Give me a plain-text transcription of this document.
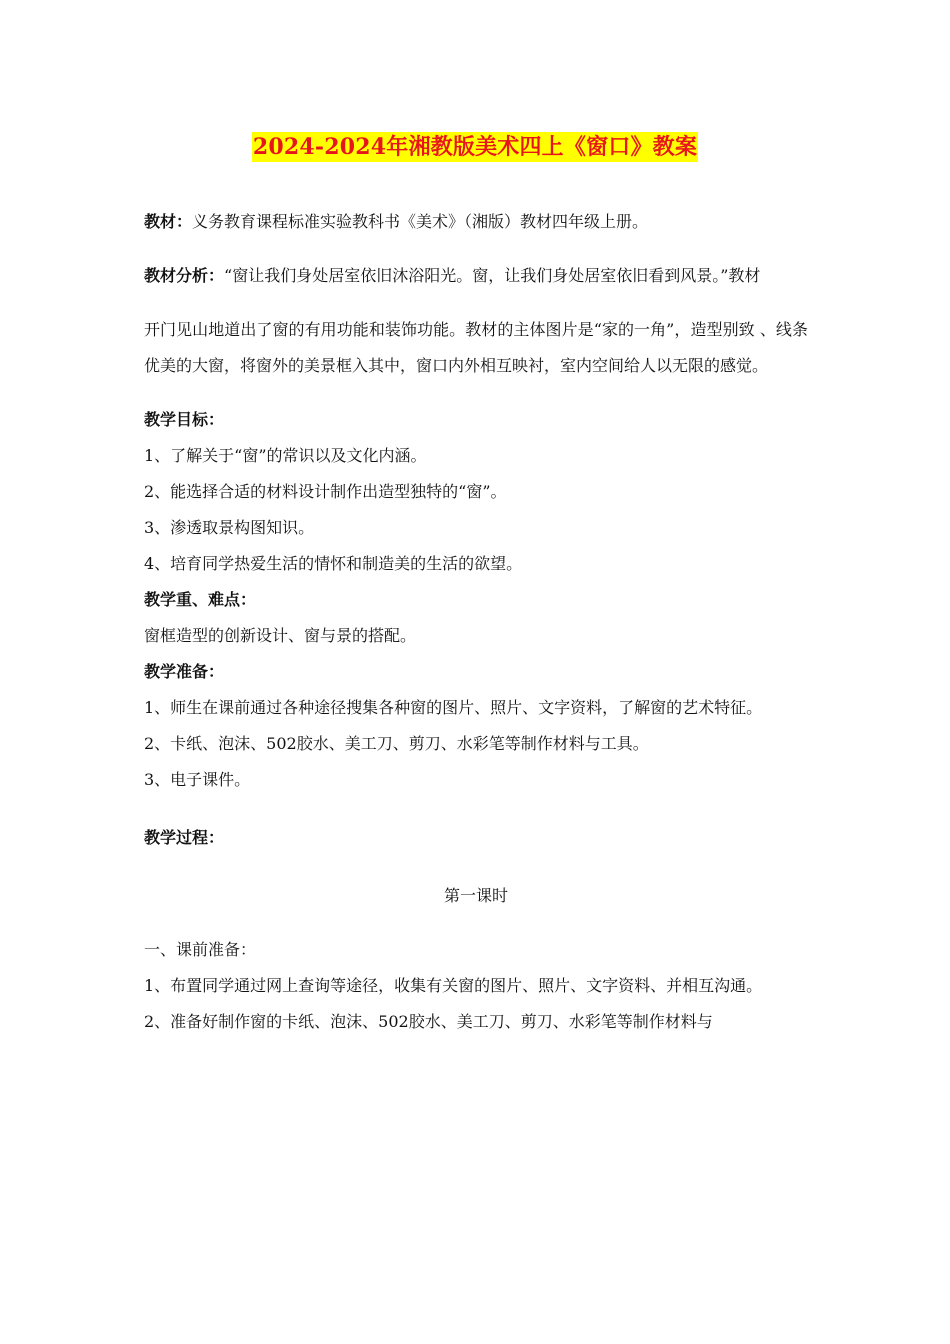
2024-2024年湘教版美术四上《窗口》教案

教材：义务教育课程标准实验教科书《美术》（湘版）教材四年级上册。

教材分析：“窗让我们身处居室依旧沐浴阳光。窗，让我们身处居室依旧看到风景。”教材

开门见山地道出了窗的有用功能和装饰功能。教材的主体图片是“家的一角”，造型别致 、线条优美的大窗，将窗外的美景框入其中，窗口内外相互映衬，室内空间给人以无限的感觉。

教学目标：

1、了解关于“窗”的常识以及文化内涵。

2、能选择合适的材料设计制作出造型独特的“窗”。

3、渗透取景构图知识。

4、培育同学热爱生活的情怀和制造美的生活的欲望。

教学重、难点：

窗框造型的创新设计、窗与景的搭配。

教学准备：

1、师生在课前通过各种途径搜集各种窗的图片、照片、文字资料，了解窗的艺术特征。

2、卡纸、泡沫、502胶水、美工刀、剪刀、水彩笔等制作材料与工具。

3、电子课件。

教学过程：

第一课时

一、课前准备：

1、布置同学通过网上查询等途径，收集有关窗的图片、照片、文字资料、并相互沟通。

2、准备好制作窗的卡纸、泡沫、502胶水、美工刀、剪刀、水彩笔等制作材料与
